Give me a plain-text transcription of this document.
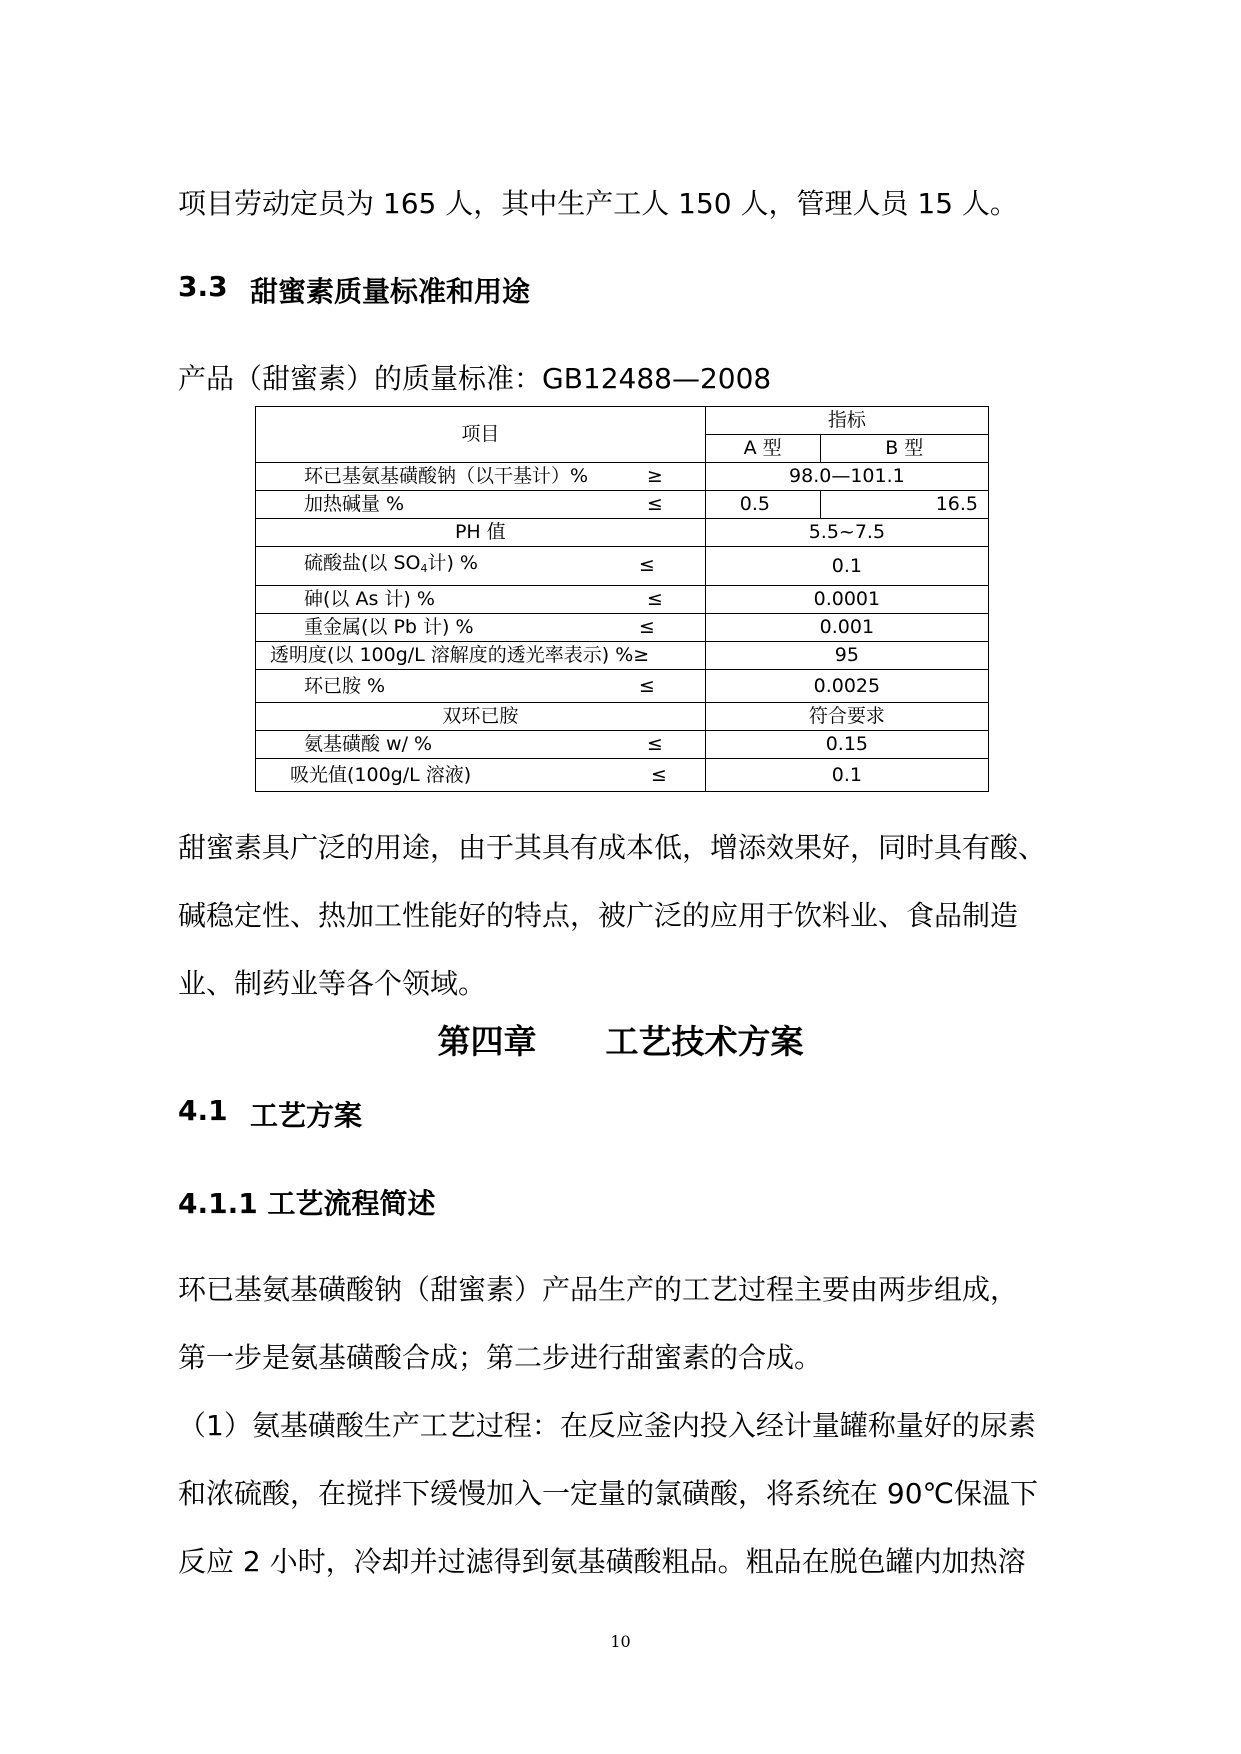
项目劳动定员为 165 人，其中生产工人 150 人，管理人员 15 人。
3.3 甜蜜素质量标准和用途
产品（甜蜜素）的质量标准：GB12488—2008
项目	指标	
	A 型	B 型
环已基氨基磺酸钠（以干基计）% ≥	98.0—101.1	
加热碱量 % ≤	0.5	16.5
PH 值	5.5~7.5	
硫酸盐(以 $SO_4$计) % ≤	0.1	
砷(以 As 计) % ≤	0.0001	
重金属(以 Pb 计) % ≤	0.001	
透明度(以 100g/L 溶解度的透光率表示) %≥	95	
环已胺 % ≤	0.0025	
双环已胺	符合要求	
氨基磺酸 w/ % ≤	0.15	
吸光值(100g/L 溶液) ≤	0.1	
甜蜜素具广泛的用途，由于其具有成本低，增添效果好，同时具有酸、
碱稳定性、热加工性能好的特点，被广泛的应用于饮料业、食品制造
业、制药业等各个领域。
第四章      工艺技术方案
4.1 工艺方案
4.1.1 工艺流程简述
环已基氨基磺酸钠（甜蜜素）产品生产的工艺过程主要由两步组成，
第一步是氨基磺酸合成；第二步进行甜蜜素的合成。
（1）氨基磺酸生产工艺过程：在反应釜内投入经计量罐称量好的尿素
和浓硫酸，在搅拌下缓慢加入一定量的氯磺酸，将系统在 90℃保温下
反应 2 小时，冷却并过滤得到氨基磺酸粗品。粗品在脱色罐内加热溶
10
